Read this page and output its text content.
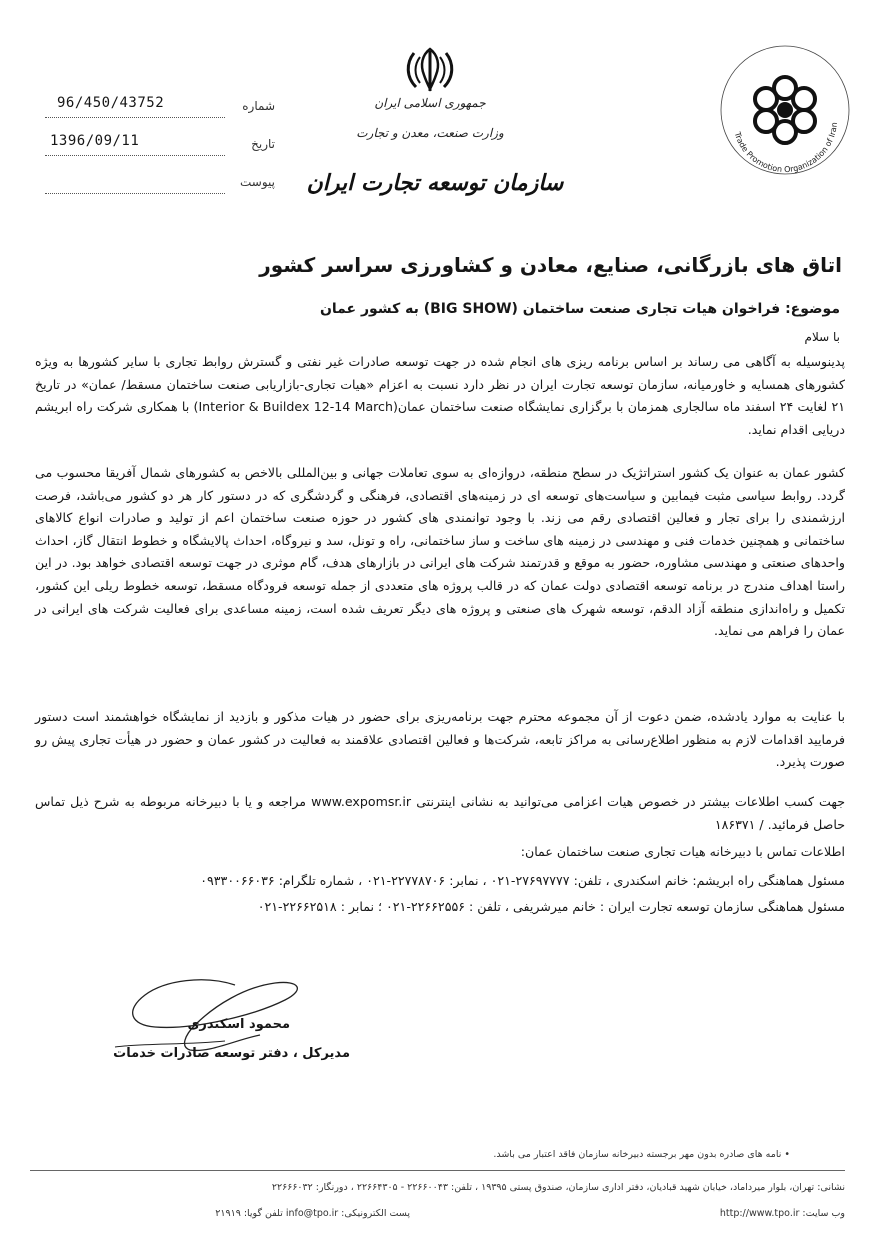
96/450/43752	شماره
1396/09/11	تاریخ
پیوست
جمهوری اسلامی ایران
وزارت صنعت، معدن و تجارت
سازمان توسعه تجارت ایران
Trade Promotion Organization of Iran
اتاق های بازرگانی، صنایع، معادن و کشاورزی سراسر کشور
موضوع: فراخوان هیات تجاری صنعت ساختمان (BIG SHOW) به کشور عمان
با سلام
پدینوسیله به آگاهی می رساند بر اساس برنامه ریزی های انجام شده در جهت توسعه صادرات غیر نفتی و گسترش روابط تجاری با سایر کشورها به ویژه کشورهای همسایه و خاورمیانه، سازمان توسعه تجارت ایران در نظر دارد نسبت به اعزام «هیات تجاری-بازاریابی صنعت ساختمان مسقط/ عمان» در تاریخ ۲۱ لغایت ۲۴ اسفند ماه سالجاری همزمان با برگزاری نمایشگاه صنعت ساختمان عمان(Interior & Buildex 12-14 March) با همکاری شرکت راه ابریشم دریایی اقدام نماید.
کشور عمان به عنوان یک کشور استراتژیک در سطح منطقه، دروازه‌ای به سوی تعاملات جهانی و بین‌المللی بالاخص به کشورهای شمال آفریقا محسوب می گردد. روابط سیاسی مثبت فیمابین و سیاست‌های توسعه ای در زمینه‌های اقتصادی، فرهنگی و گردشگری که در دستور کار هر دو کشور می‌باشد، فرصت ارزشمندی را برای تجار و فعالین اقتصادی رقم می زند. با وجود توانمندی های کشور در حوزه صنعت ساختمان اعم از تولید و صادرات انواع کالاهای ساختمانی و همچنین خدمات فنی و مهندسی در زمینه های ساخت و ساز ساختمانی، راه و تونل، سد و نیروگاه، احداث پالایشگاه و خطوط انتقال گاز، احداث واحدهای صنعتی و مهندسی مشاوره، حضور به موقع و قدرتمند شرکت های ایرانی در بازارهای هدف، گام موثری در جهت توسعه اقتصادی خواهد بود. در این راستا اهداف مندرج در برنامه توسعه اقتصادی دولت عمان که در قالب پروژه های متعددی از جمله توسعه فرودگاه مسقط، توسعه خطوط ریلی این کشور، تکمیل و راه‌اندازی منطقه آزاد الدقم، توسعه شهرک های صنعتی و پروژه های دیگر تعریف شده است، زمینه مساعدی برای فعالیت شرکت های ایرانی در عمان را فراهم می نماید.
با عنایت به موارد یادشده، ضمن دعوت از آن مجموعه محترم جهت برنامه‌ریزی برای حضور در هیات مذکور و بازدید از نمایشگاه خواهشمند است دستور فرمایید اقدامات لازم به منظور اطلاع‌رسانی به مراکز تابعه، شرکت‌ها و فعالین اقتصادی علاقمند به فعالیت در کشور عمان و حضور در هیأت تجاری پیش رو صورت پذیرد.
جهت کسب اطلاعات بیشتر در خصوص هیات اعزامی می‌توانید به نشانی اینترنتی www.expomsr.ir مراجعه و یا با دبیرخانه مربوطه به شرح ذیل تماس حاصل فرمائید. / ۱۸۶۳۷۱
اطلاعات تماس با دبیرخانه هیات تجاری صنعت ساختمان عمان:
مسئول هماهنگی راه ابریشم: خانم اسکندری ، تلفن: ۲۷۶۹۷۷۷۷-۰۲۱ ، نمابر: ۲۲۷۷۸۷۰۶-۰۲۱ ، شماره تلگرام: ۰۹۳۳۰۰۶۶۰۳۶
مسئول هماهنگی سازمان توسعه تجارت ایران : خانم میرشریفی ، تلفن : ۲۲۶۶۲۵۵۶-۰۲۱ ؛ نمابر : ۲۲۶۶۲۵۱۸-۰۲۱
محمود اسکندری
مدیرکل ، دفتر توسعه صادرات خدمات
• نامه های صادره بدون مهر برجسته دبیرخانه سازمان فاقد اعتبار می باشد.
نشانی: تهران، بلوار میرداماد، خیابان شهید قبادیان، دفتر اداری سازمان، صندوق پستی ۱۹۳۹۵ ، تلفن: ۲۲۶۶۰۰۴۳ - ۲۲۶۶۴۳۰۵ ، دورنگار: ۲۲۶۶۶۰۳۲
وب سایت: http://www.tpo.ir
پست الکترونیکی: info@tpo.ir تلفن گویا: ۲۱۹۱۹
